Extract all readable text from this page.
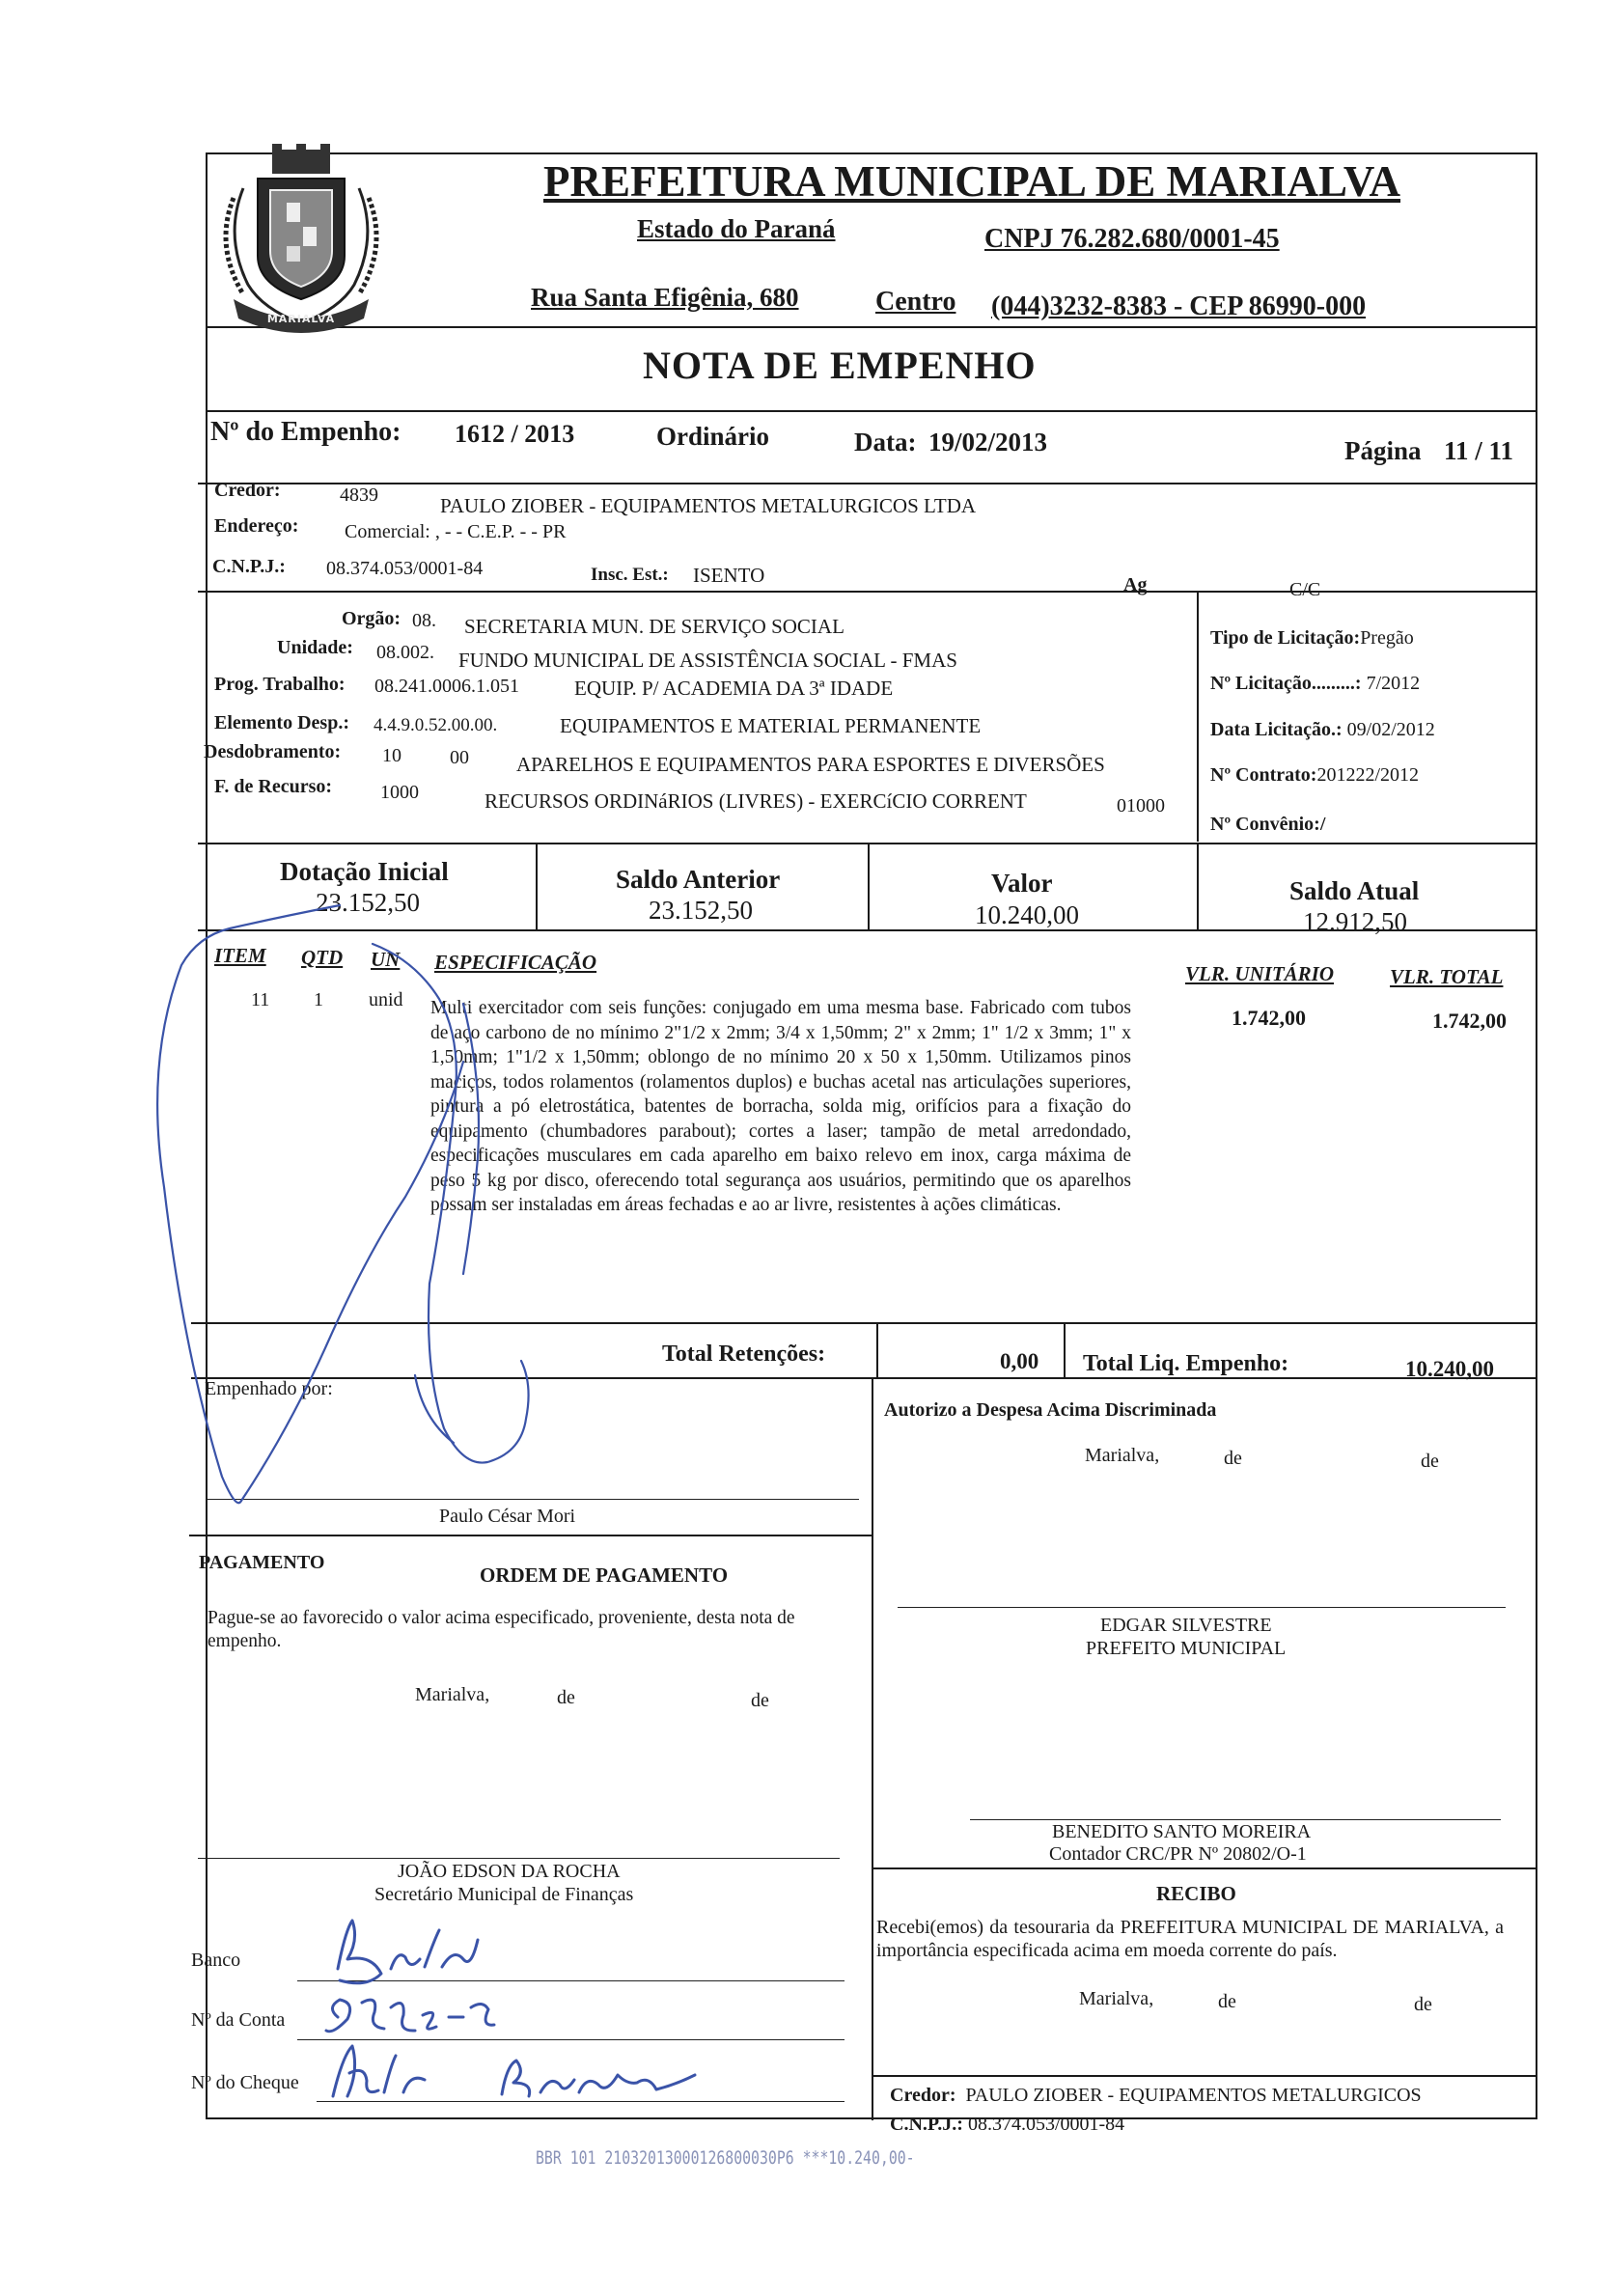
MARIALVA
PREFEITURA MUNICIPAL DE MARIALVA
Estado do Paraná	CNPJ 76.282.680/0001-45
Rua Santa Efigênia, 680	Centro (044)3232-8383 - CEP 86990-000
NOTA DE EMPENHO
Nº do Empenho: 1612 / 2013	Ordinário	Data: 19/02/2013	Página 11 / 11
Credor:	4839	PAULO ZIOBER - EQUIPAMENTOS METALURGICOS LTDA
Endereço: Comercial: , - - C.E.P. - - PR
C.N.P.J.: 08.374.053/0001-84	Insc. Est.: ISENTO	Ag	C/C
Orgão: 08. SECRETARIA MUN. DE SERVIÇO SOCIAL
Unidade: 08.002. FUNDO MUNICIPAL DE ASSISTÊNCIA SOCIAL - FMAS
Prog. Trabalho: 08.241.0006.1.051	EQUIP. P/ ACADEMIA DA 3ª IDADE
Elemento Desp.: 4.4.9.0.52.00.00.	EQUIPAMENTOS E MATERIAL PERMANENTE
Desdobramento: 10	00 APARELHOS E EQUIPAMENTOS PARA ESPORTES E DIVERSÕES
F. de Recurso: 1000	RECURSOS ORDINáRIOS (LIVRES) - EXERCíCIO CORRENT	01000
Tipo de Licitação:Pregão
Nº Licitação.........: 7/2012
Data Licitação.: 09/02/2012
Nº Contrato:201222/2012
Nº Convênio:/
Dotação Inicial
23.152,50
Saldo Anterior
23.152,50
Valor
10.240,00
Saldo Atual
12.912,50
ITEM QTD UN ESPECIFICAÇÃO	VLR. UNITÁRIO	VLR. TOTAL
11 1 unid Multi exercitador com seis funções: conjugado em uma mesma base. Fabricado com tubos de aço carbono de no mínimo 2"1/2 x 2mm; 3/4 x 1,50mm; 2" x 2mm; 1" 1/2 x 3mm; 1" x 1,50mm; 1"1/2 x 1,50mm; oblongo de no mínimo 20 x 50 x 1,50mm. Utilizamos pinos maciços, todos rolamentos (rolamentos duplos) e buchas acetal nas articulações superiores, pintura a pó eletrostática, batentes de borracha, solda mig, orifícios para a fixação do equipamento (chumbadores parabout); cortes a laser; tampão de metal arredondado, especificações musculares em cada aparelho em baixo relevo em inox, carga máxima de peso 5 kg por disco, oferecendo total segurança aos usuários, permitindo que os aparelhos possam ser instaladas em áreas fechadas e ao ar livre, resistentes à ações climáticas.
1.742,00	1.742,00
Total Retenções:	0,00 Total Liq. Empenho:	10.240,00
Empenhado por:
Paulo César Mori
Autorizo a Despesa Acima Discriminada
Marialva,	de	de
EDGAR SILVESTRE
PREFEITO MUNICIPAL
BENEDITO SANTO MOREIRA
Contador CRC/PR Nº 20802/O-1
PAGAMENTO
ORDEM DE PAGAMENTO
Pague-se ao favorecido o valor acima especificado, proveniente, desta nota de empenho.
Marialva,	de	de
JOÃO EDSON DA ROCHA
Secretário Municipal de Finanças
Banco
Nº da Conta
Nº do Cheque
RECIBO
Recebi(emos) da tesouraria da PREFEITURA MUNICIPAL DE MARIALVA, a importância especificada acima em moeda corrente do país.
Marialva,	de	de
Credor: PAULO ZIOBER - EQUIPAMENTOS METALURGICOS
C.N.P.J.: 08.374.053/0001-84
BBR 101 21032013000126800030P6 ***10.240,00-
